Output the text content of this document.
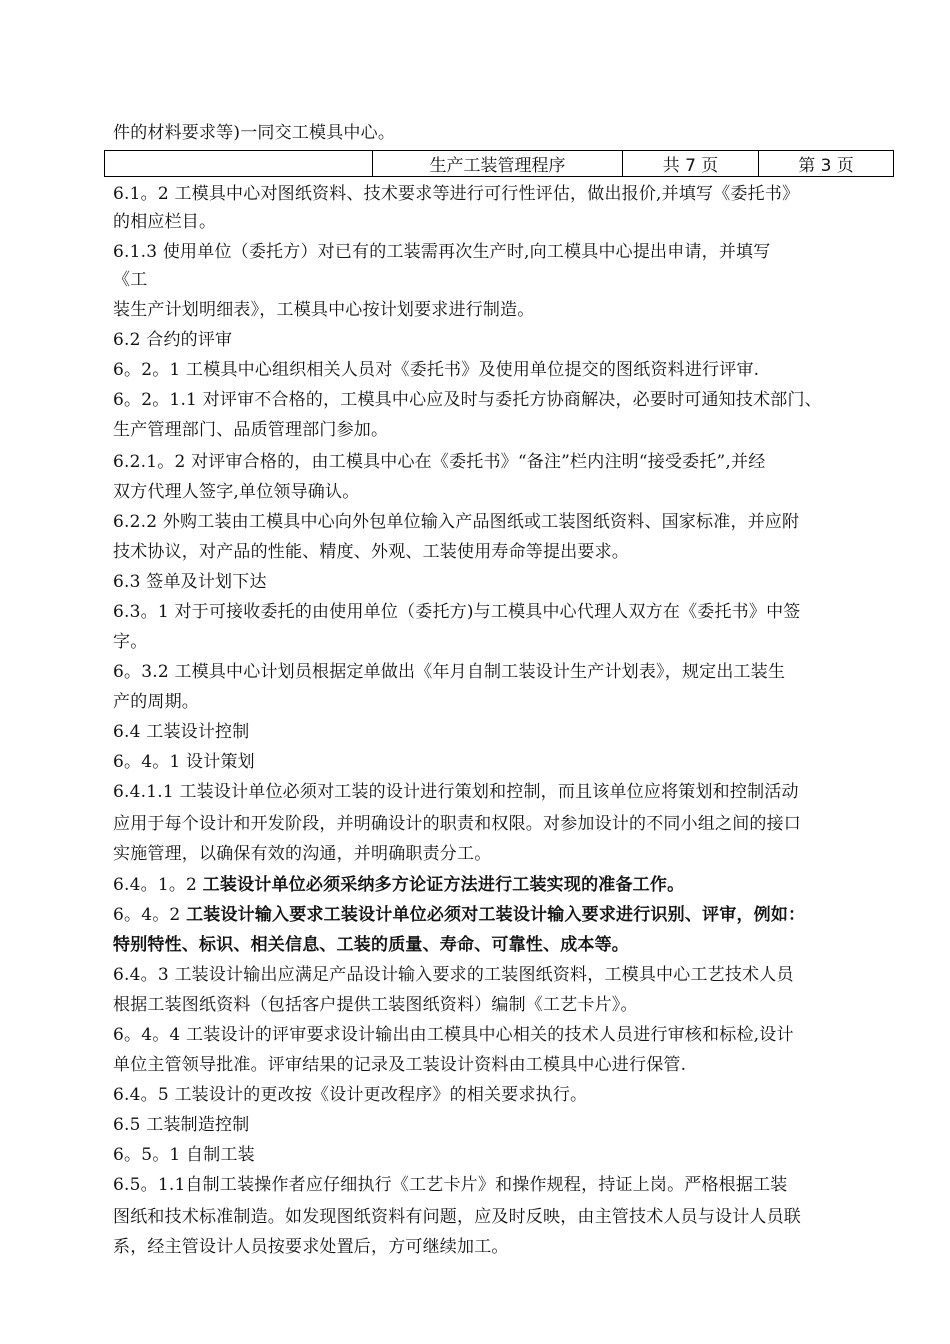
件的材料要求等)一同交工模具中心。
	生产工装管理程序	共 7 页	第 3 页
6.1。2 工模具中心对图纸资料、技术要求等进行可行性评估，做出报价,并填写《委托书》
的相应栏目。
6.1.3 使用单位（委托方）对已有的工装需再次生产时,向工模具中心提出申请，并填写
《工
装生产计划明细表》，工模具中心按计划要求进行制造。
6.2 合约的评审
6。2。1 工模具中心组织相关人员对《委托书》及使用单位提交的图纸资料进行评审.
6。2。1.1 对评审不合格的，工模具中心应及时与委托方协商解决，必要时可通知技术部门、
生产管理部门、品质管理部门参加。
6.2.1。2 对评审合格的，由工模具中心在《委托书》“备注”栏内注明“接受委托”,并经
双方代理人签字,单位领导确认。
6.2.2 外购工装由工模具中心向外包单位输入产品图纸或工装图纸资料、国家标准，并应附
技术协议，对产品的性能、精度、外观、工装使用寿命等提出要求。
6.3 签单及计划下达
6.3。1 对于可接收委托的由使用单位（委托方)与工模具中心代理人双方在《委托书》中签
字。
6。3.2 工模具中心计划员根据定单做出《年月自制工装设计生产计划表》，规定出工装生
产的周期。
6.4 工装设计控制
6。4。1 设计策划
6.4.1.1 工装设计单位必须对工装的设计进行策划和控制，而且该单位应将策划和控制活动
应用于每个设计和开发阶段，并明确设计的职责和权限。对参加设计的不同小组之间的接口
实施管理，以确保有效的沟通，并明确职责分工。
6.4。1。2 工装设计单位必须采纳多方论证方法进行工装实现的准备工作。
6。4。2 工装设计输入要求工装设计单位必须对工装设计输入要求进行识别、评审，例如：
特别特性、标识、相关信息、工装的质量、寿命、可靠性、成本等。
6.4。3 工装设计输出应满足产品设计输入要求的工装图纸资料，工模具中心工艺技术人员
根据工装图纸资料（包括客户提供工装图纸资料）编制《工艺卡片》。
6。4。4 工装设计的评审要求设计输出由工模具中心相关的技术人员进行审核和标检,设计
单位主管领导批准。评审结果的记录及工装设计资料由工模具中心进行保管.
6.4。5 工装设计的更改按《设计更改程序》的相关要求执行。
6.5 工装制造控制
6。5。1 自制工装
6.5。1.1自制工装操作者应仔细执行《工艺卡片》和操作规程，持证上岗。严格根据工装
图纸和技术标准制造。如发现图纸资料有问题，应及时反映，由主管技术人员与设计人员联
系，经主管设计人员按要求处置后，方可继续加工。
